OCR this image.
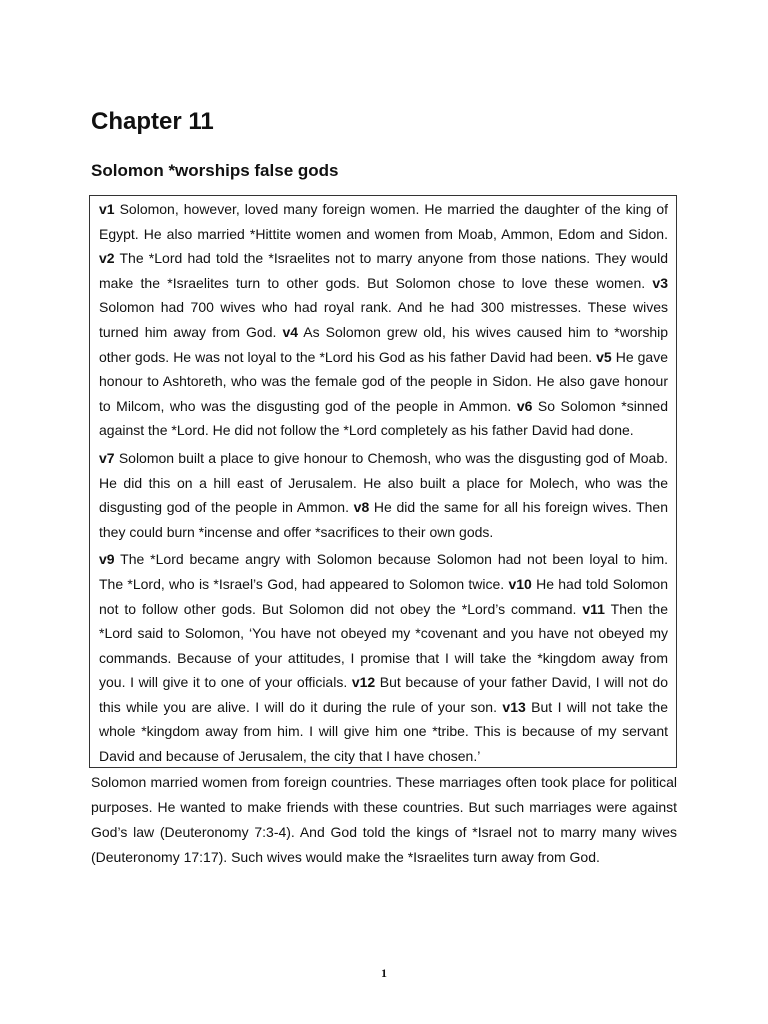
Chapter 11
Solomon *worships false gods

v1 Solomon, however, loved many foreign women. He married the daughter of the king of Egypt. He also married *Hittite women and women from Moab, Ammon, Edom and Sidon. v2 The *Lord had told the *Israelites not to marry anyone from those nations. They would make the *Israelites turn to other gods. But Solomon chose to love these women. v3 Solomon had 700 wives who had royal rank. And he had 300 mistresses. These wives turned him away from God. v4 As Solomon grew old, his wives caused him to *worship other gods. He was not loyal to the *Lord his God as his father David had been. v5 He gave honour to Ashtoreth, who was the female god of the people in Sidon. He also gave honour to Milcom, who was the disgusting god of the people in Ammon. v6 So Solomon *sinned against the *Lord. He did not follow the *Lord completely as his father David had done.

v7 Solomon built a place to give honour to Chemosh, who was the disgusting god of Moab. He did this on a hill east of Jerusalem. He also built a place for Molech, who was the disgusting god of the people in Ammon. v8 He did the same for all his foreign wives. Then they could burn *incense and offer *sacrifices to their own gods.

v9 The *Lord became angry with Solomon because Solomon had not been loyal to him. The *Lord, who is *Israel’s God, had appeared to Solomon twice. v10 He had told Solomon not to follow other gods. But Solomon did not obey the *Lord’s command. v11 Then the *Lord said to Solomon, ‘You have not obeyed my *covenant and you have not obeyed my commands. Because of your attitudes, I promise that I will take the *kingdom away from you. I will give it to one of your officials. v12 But because of your father David, I will not do this while you are alive. I will do it during the rule of your son. v13 But I will not take the whole *kingdom away from him. I will give him one *tribe. This is because of my servant David and because of Jerusalem, the city that I have chosen.’

Solomon married women from foreign countries. These marriages often took place for political purposes. He wanted to make friends with these countries. But such marriages were against God’s law (Deuteronomy 7:3-4). And God told the kings of *Israel not to marry many wives (Deuteronomy 17:17). Such wives would make the *Israelites turn away from God.

1
